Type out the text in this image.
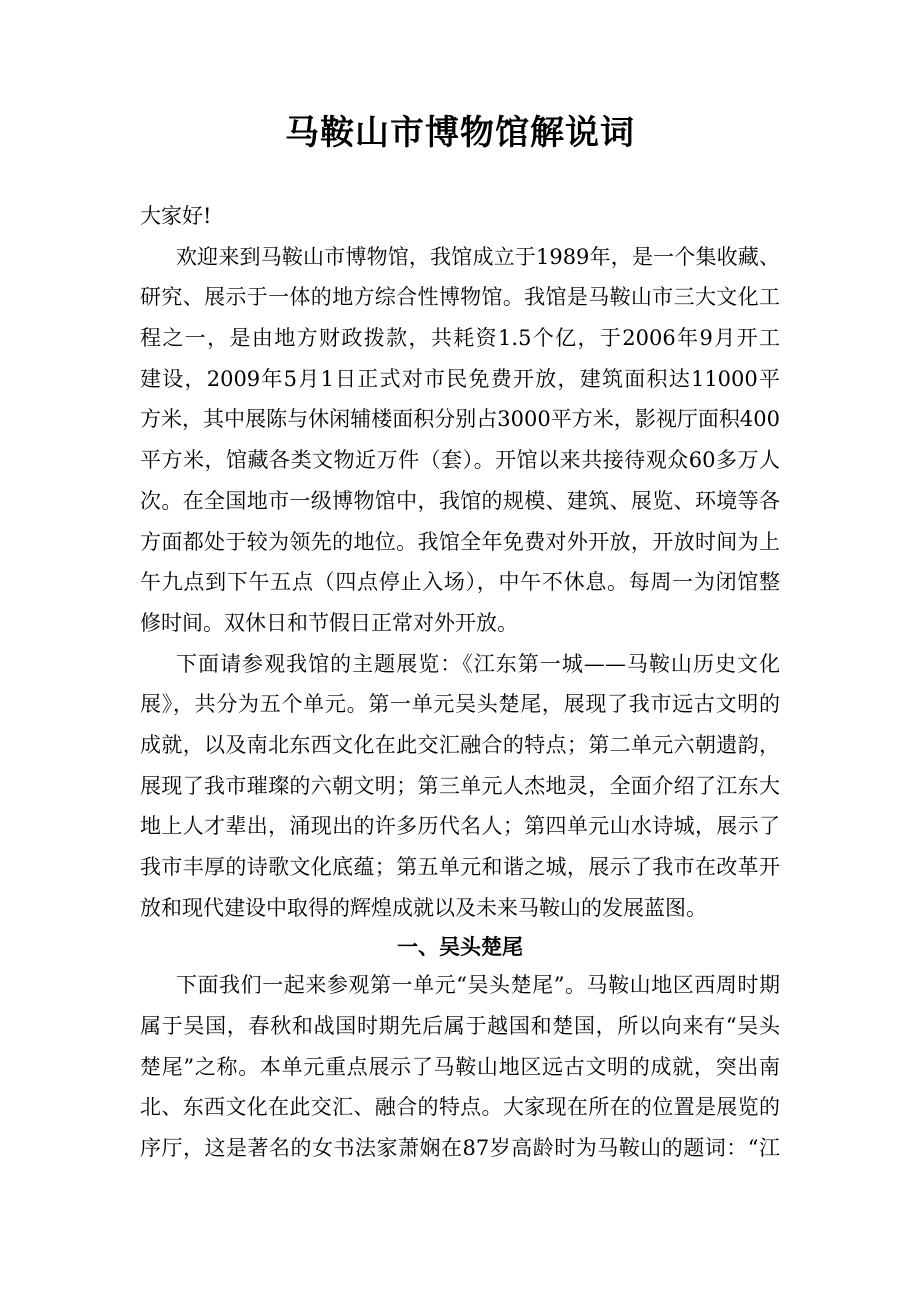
马鞍山市博物馆解说词
大家好!
欢迎来到马鞍山市博物馆，我馆成立于1989年，是一个集收藏、
研究、展示于一体的地方综合性博物馆。我馆是马鞍山市三大文化工
程之一，是由地方财政拨款，共耗资1.5个亿，于2006年9月开工
建设，2009年5月1日正式对市民免费开放，建筑面积达11000平
方米，其中展陈与休闲辅楼面积分别占3000平方米，影视厅面积400
平方米，馆藏各类文物近万件（套）。开馆以来共接待观众60多万人
次。在全国地市一级博物馆中，我馆的规模、建筑、展览、环境等各
方面都处于较为领先的地位。我馆全年免费对外开放，开放时间为上
午九点到下午五点（四点停止入场），中午不休息。每周一为闭馆整
修时间。双休日和节假日正常对外开放。
下面请参观我馆的主题展览：《江东第一城——马鞍山历史文化
展》，共分为五个单元。第一单元吴头楚尾，展现了我市远古文明的
成就，以及南北东西文化在此交汇融合的特点；第二单元六朝遗韵，
展现了我市璀璨的六朝文明；第三单元人杰地灵，全面介绍了江东大
地上人才辈出，涌现出的许多历代名人；第四单元山水诗城，展示了
我市丰厚的诗歌文化底蕴；第五单元和谐之城，展示了我市在改革开
放和现代建设中取得的辉煌成就以及未来马鞍山的发展蓝图。
一、吴头楚尾
下面我们一起来参观第一单元“吴头楚尾”。马鞍山地区西周时期
属于吴国，春秋和战国时期先后属于越国和楚国，所以向来有“吴头
楚尾”之称。本单元重点展示了马鞍山地区远古文明的成就，突出南
北、东西文化在此交汇、融合的特点。大家现在所在的位置是展览的
序厅，这是著名的女书法家萧娴在87岁高龄时为马鞍山的题词：“江
